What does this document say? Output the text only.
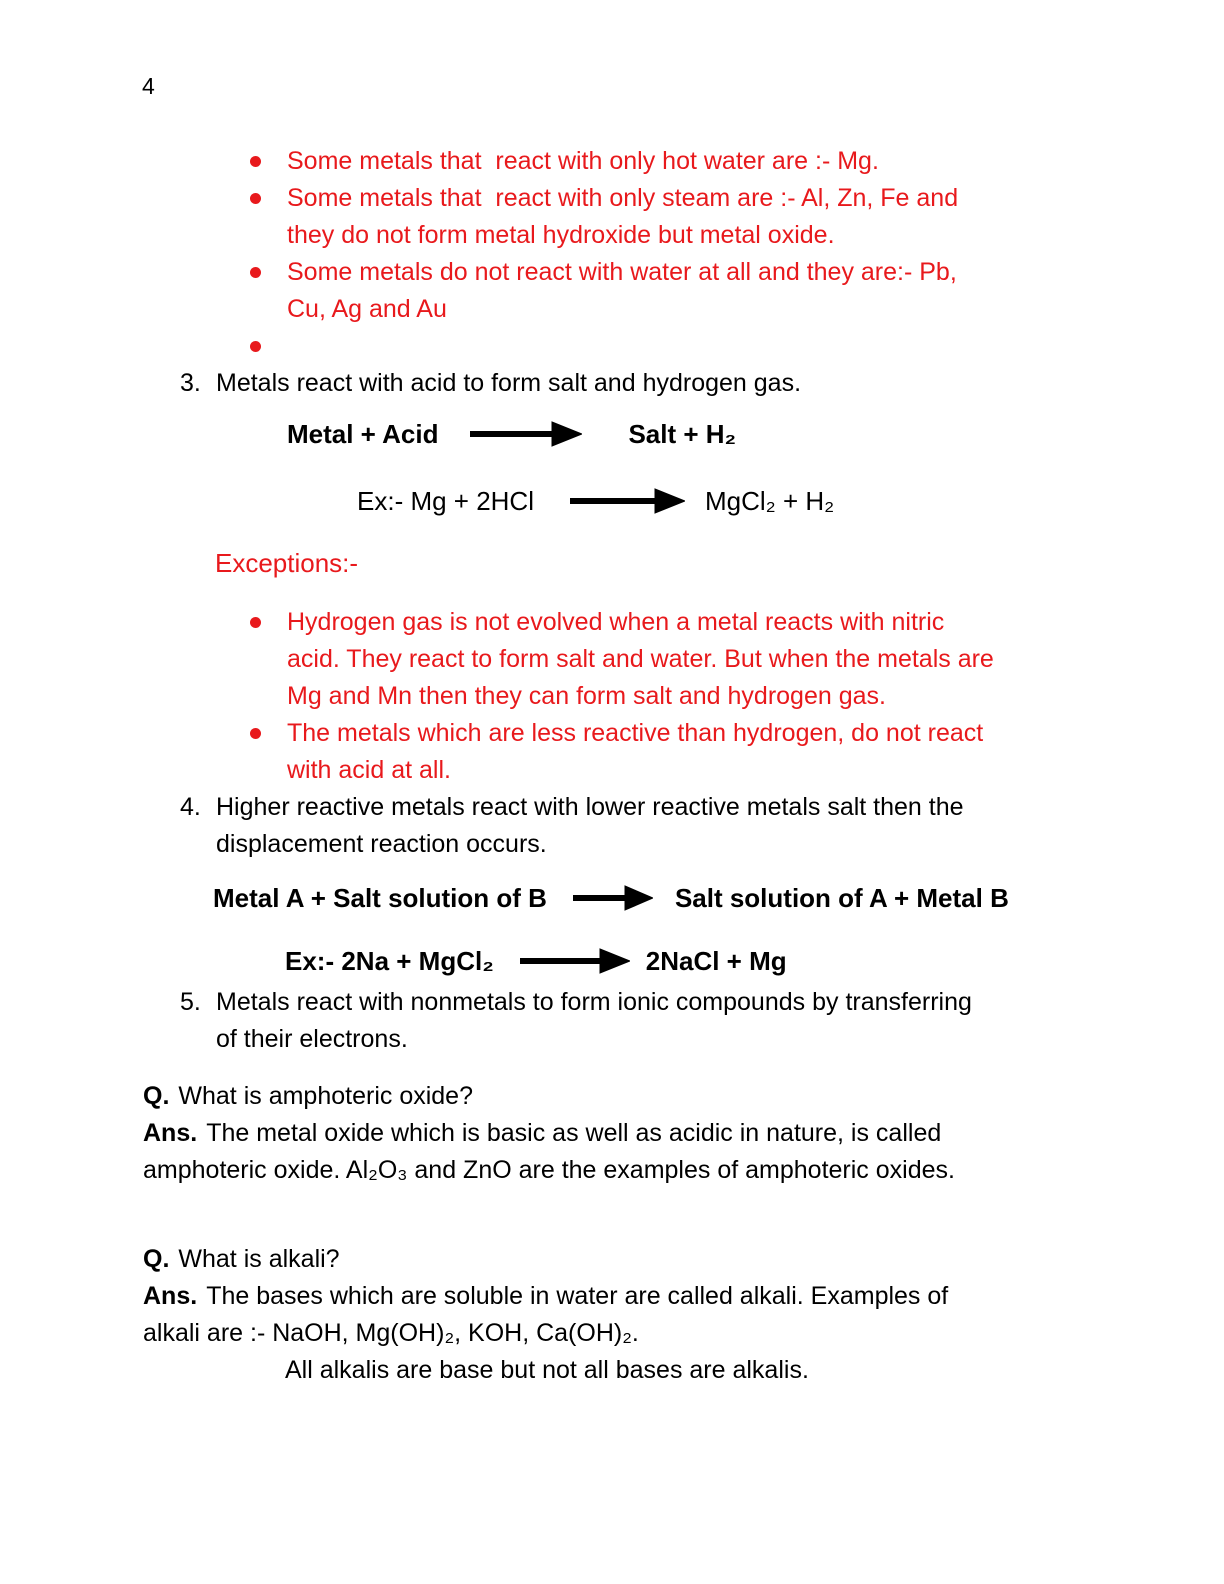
4
Some metals that  react with only hot water are :- Mg.
Some metals that  react with only steam are :- Al, Zn, Fe and
they do not form metal hydroxide but metal oxide.
Some metals do not react with water at all and they are:- Pb,
Cu, Ag and Au
3. Metals react with acid to form salt and hydrogen gas.
Metal + Acid	Salt + H₂
Ex:- Mg + 2HCl	MgCl₂ + H₂
Exceptions:-
Hydrogen gas is not evolved when a metal reacts with nitric
acid. They react to form salt and water. But when the metals are
Mg and Mn then they can form salt and hydrogen gas.
The metals which are less reactive than hydrogen, do not react
with acid at all.
4. Higher reactive metals react with lower reactive metals salt then the
displacement reaction occurs.
Metal A + Salt solution of B	Salt solution of A + Metal B
Ex:- 2Na + MgCl₂	2NaCl + Mg
5. Metals react with nonmetals to form ionic compounds by transferring
of their electrons.
Q. What is amphoteric oxide?
Ans. The metal oxide which is basic as well as acidic in nature, is called
amphoteric oxide. Al₂O₃ and ZnO are the examples of amphoteric oxides.
Q. What is alkali?
Ans. The bases which are soluble in water are called alkali. Examples of
alkali are :- NaOH, Mg(OH)₂, KOH, Ca(OH)₂.
All alkalis are base but not all bases are alkalis.
